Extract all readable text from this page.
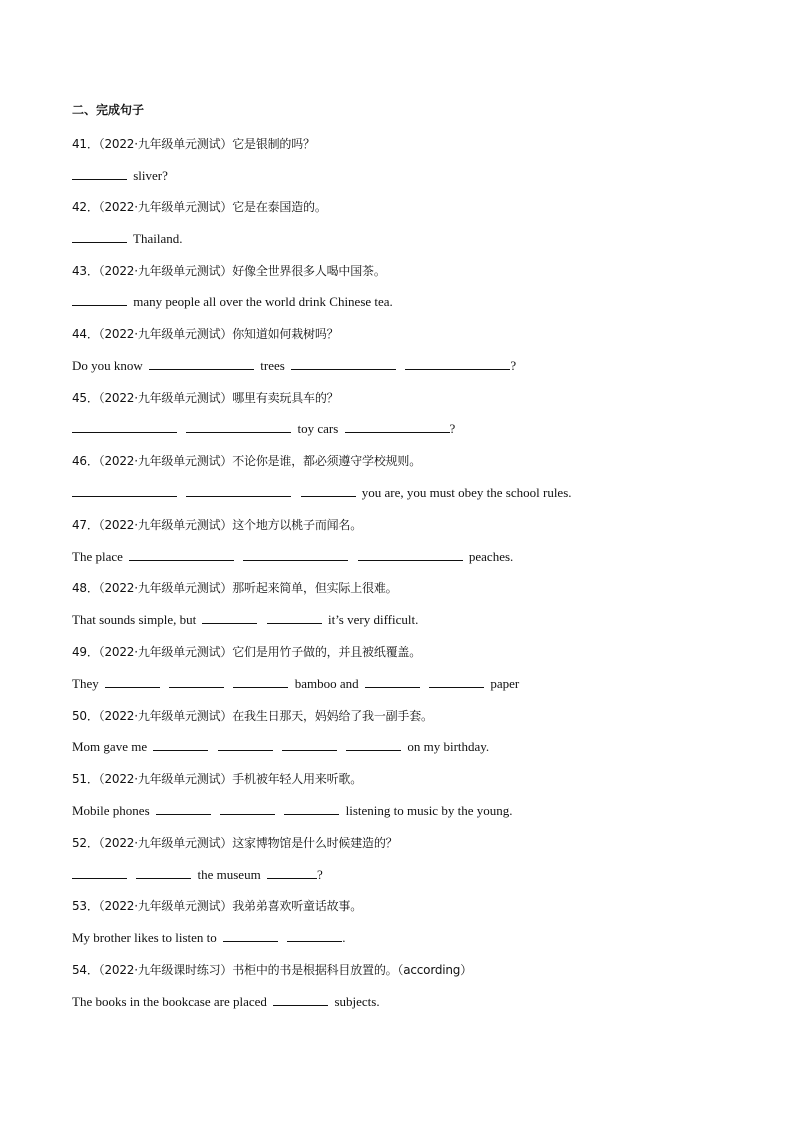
二、完成句子
41．（2022·九年级单元测试）它是银制的吗？
sliver?
42．（2022·九年级单元测试）它是在泰国造的。
Thailand.
43．（2022·九年级单元测试）好像全世界很多人喝中国茶。
many people all over the world drink Chinese tea.
44．（2022·九年级单元测试）你知道如何栽树吗？
Do you know	trees	?
45．（2022·九年级单元测试）哪里有卖玩具车的？
toy cars	?
46．（2022·九年级单元测试）不论你是谁，都必须遵守学校规则。
you are, you must obey the school rules.
47．（2022·九年级单元测试）这个地方以桃子而闻名。
The place	peaches.
48．（2022·九年级单元测试）那听起来简单，但实际上很难。
That sounds simple, but	it’s very difficult.
49．（2022·九年级单元测试）它们是用竹子做的，并且被纸覆盖。
They	bamboo and	paper
50．（2022·九年级单元测试）在我生日那天，妈妈给了我一副手套。
Mom gave me	on my birthday.
51．（2022·九年级单元测试）手机被年轻人用来听歌。
Mobile phones	listening to music by the young.
52．（2022·九年级单元测试）这家博物馆是什么时候建造的？
the museum	?
53．（2022·九年级单元测试）我弟弟喜欢听童话故事。
My brother likes to listen to	.
54．（2022·九年级课时练习）书柜中的书是根据科目放置的。（according）
The books in the bookcase are placed	subjects.
